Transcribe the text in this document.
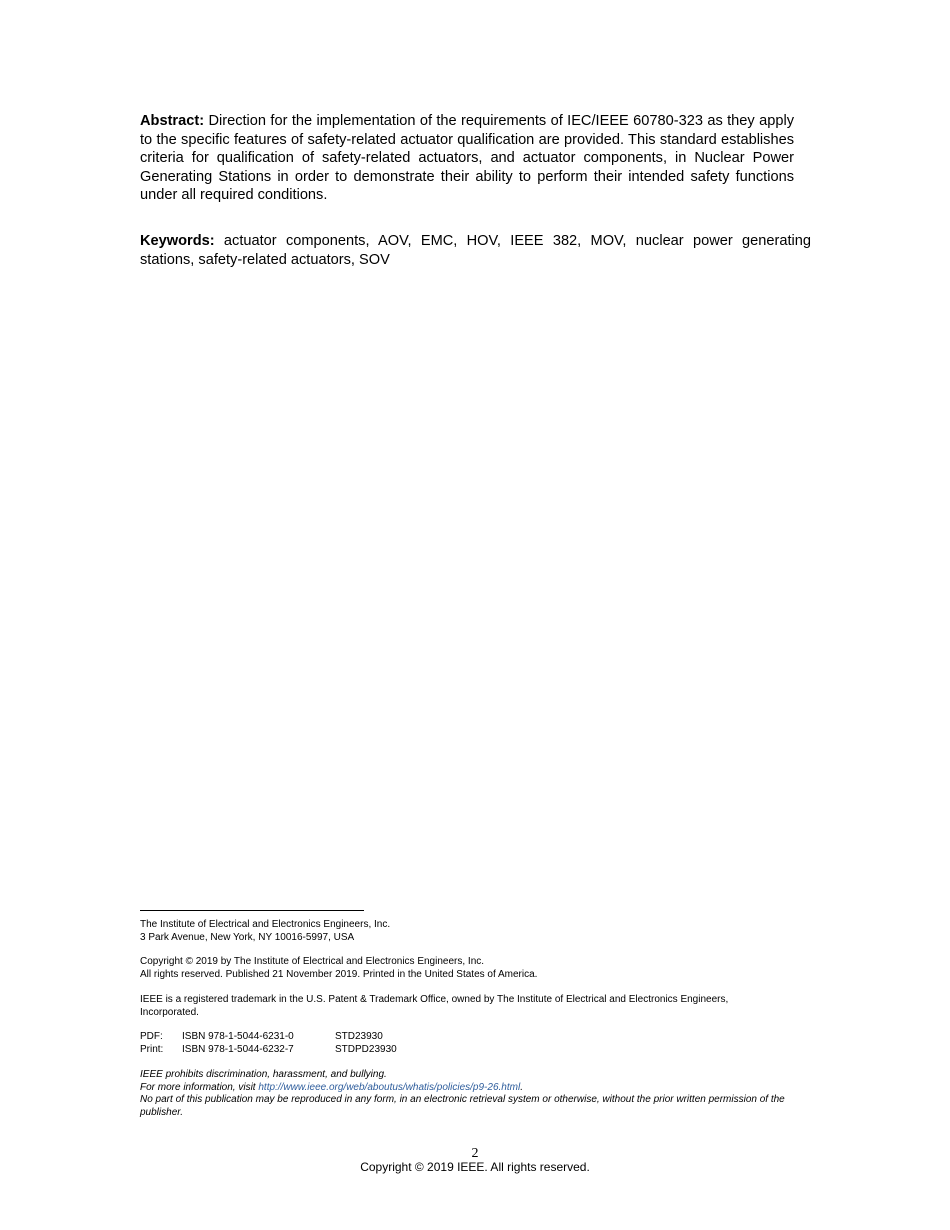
Abstract: Direction for the implementation of the requirements of IEC/IEEE 60780-323 as they apply to the specific features of safety-related actuator qualification are provided. This standard establishes criteria for qualification of safety-related actuators, and actuator components, in Nuclear Power Generating Stations in order to demonstrate their ability to perform their intended safety functions under all required conditions.

Keywords: actuator components, AOV, EMC, HOV, IEEE 382, MOV, nuclear power generating stations, safety-related actuators, SOV

The Institute of Electrical and Electronics Engineers, Inc.

3 Park Avenue, New York, NY 10016-5997, USA

Copyright © 2019 by The Institute of Electrical and Electronics Engineers, Inc.

All rights reserved. Published 21 November 2019. Printed in the United States of America.

IEEE is a registered trademark in the U.S. Patent & Trademark Office, owned by The Institute of Electrical and Electronics Engineers, Incorporated.

PDF:	ISBN 978-1-5044-6231-0	STD23930
Print:	ISBN 978-1-5044-6232-7	STDPD23930

IEEE prohibits discrimination, harassment, and bullying.

For more information, visit http://www.ieee.org/web/aboutus/whatis/policies/p9-26.html.

No part of this publication may be reproduced in any form, in an electronic retrieval system or otherwise, without the prior written permission of the publisher.

2
Copyright © 2019 IEEE. All rights reserved.
